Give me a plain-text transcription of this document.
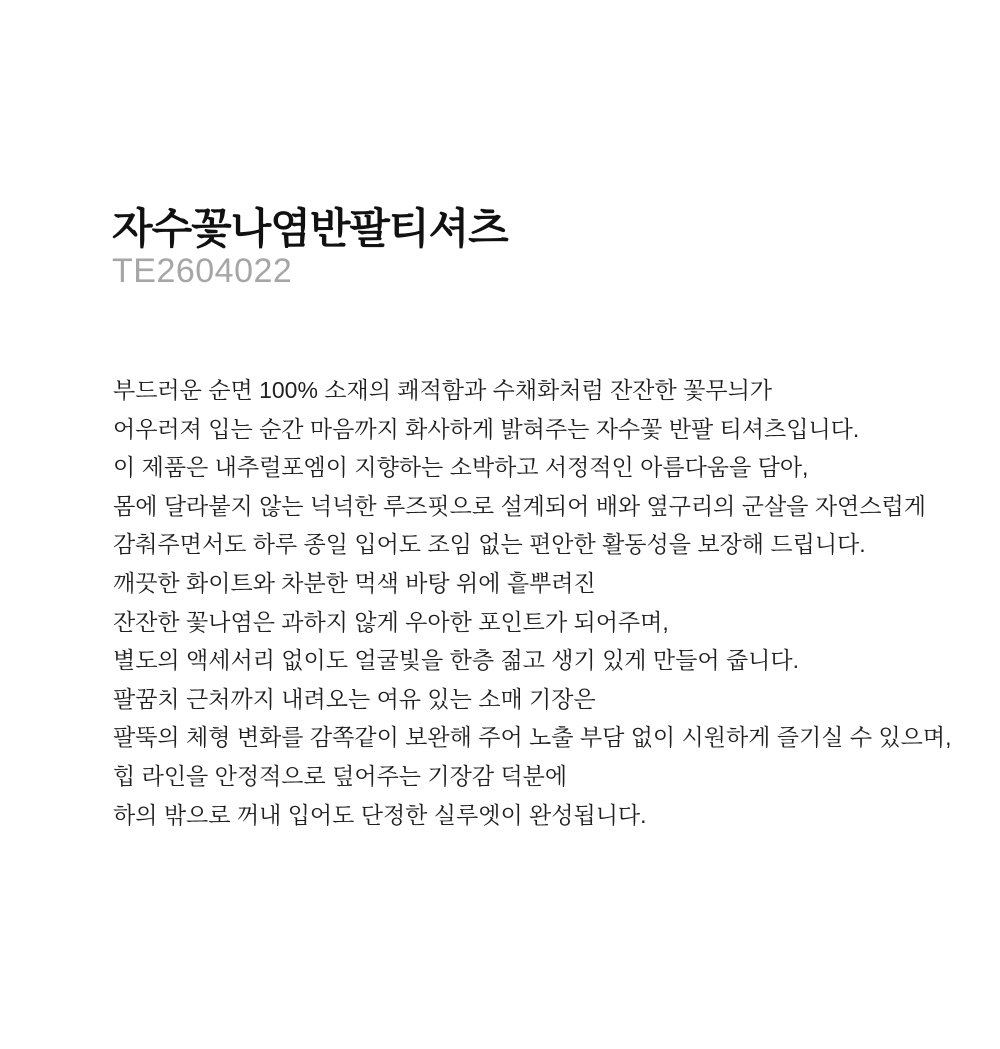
자수꽃나염반팔티셔츠
TE2604022
부드러운 순면 100% 소재의 쾌적함과 수채화처럼 잔잔한 꽃무늬가
어우러져 입는 순간 마음까지 화사하게 밝혀주는 자수꽃 반팔 티셔츠입니다.
이 제품은 내추럴포엠이 지향하는 소박하고 서정적인 아름다움을 담아,
몸에 달라붙지 않는 넉넉한 루즈핏으로 설계되어 배와 옆구리의 군살을 자연스럽게
감춰주면서도 하루 종일 입어도 조임 없는 편안한 활동성을 보장해 드립니다.
깨끗한 화이트와 차분한 먹색 바탕 위에 흩뿌려진
잔잔한 꽃나염은 과하지 않게 우아한 포인트가 되어주며,
별도의 액세서리 없이도 얼굴빛을 한층 젊고 생기 있게 만들어 줍니다.
팔꿈치 근처까지 내려오는 여유 있는 소매 기장은
팔뚝의 체형 변화를 감쪽같이 보완해 주어 노출 부담 없이 시원하게 즐기실 수 있으며,
힙 라인을 안정적으로 덮어주는 기장감 덕분에
하의 밖으로 꺼내 입어도 단정한 실루엣이 완성됩니다.
